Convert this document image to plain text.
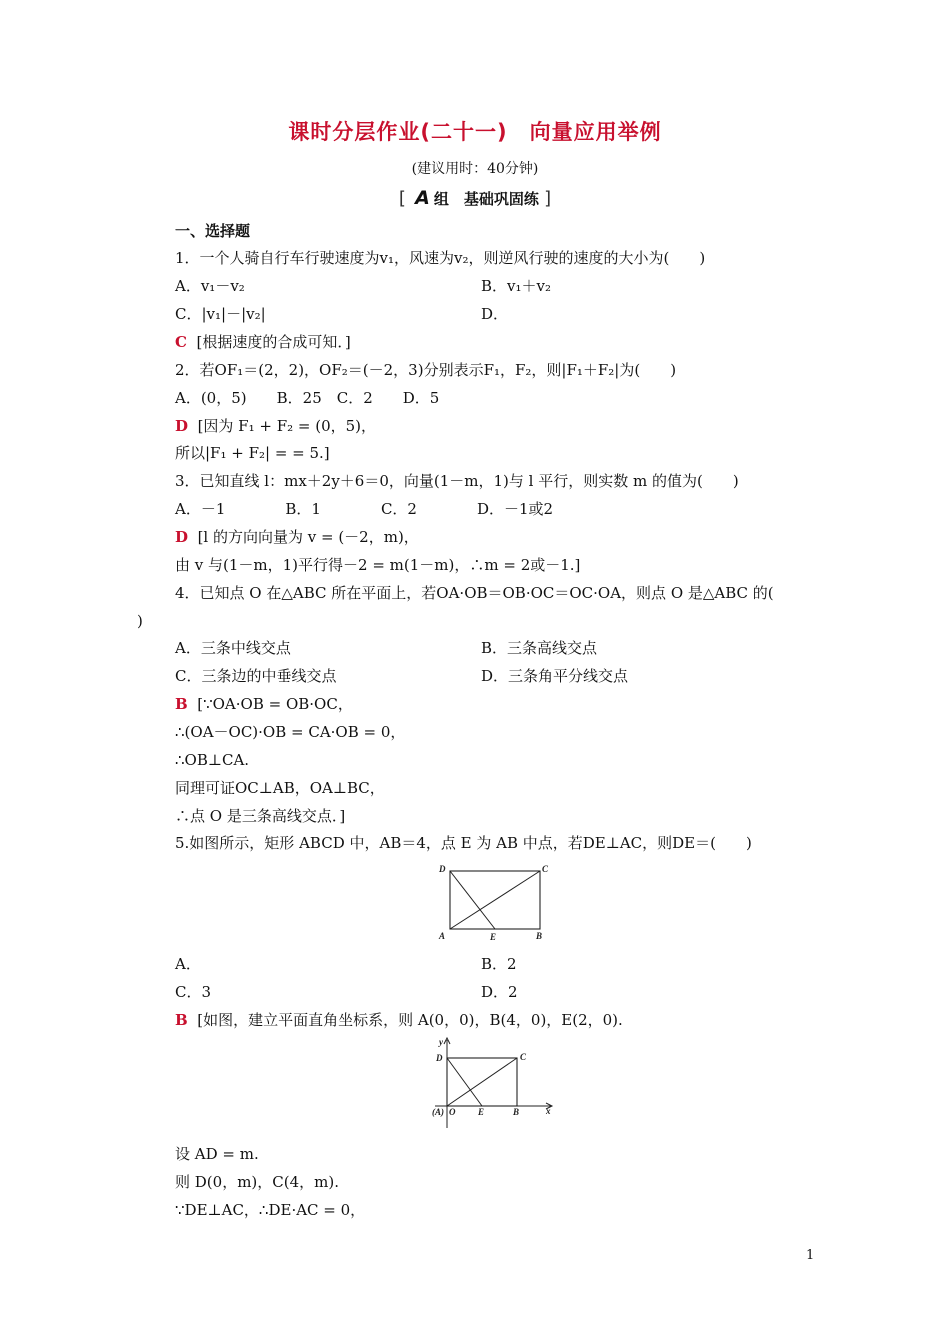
课时分层作业(二十一)　向量应用举例
(建议用时：40分钟)
[ A 组　基础巩固练 ]
一、选择题
1．一个人骑自行车行驶速度为v₁，风速为v₂，则逆风行驶的速度的大小为(　　)
A．v₁－v₂	B．v₁＋v₂
C．|v₁|－|v₂|	D．
C [根据速度的合成可知．]
2．若OF₁＝(2，2)，OF₂＝(－2，3)分别表示F₁，F₂，则|F₁＋F₂|为(　　)
A．(0，5)　　B．25　C．2　　D．5
D [因为 F₁ + F₂ = (0，5)，
所以|F₁ + F₂| = = 5.]
3．已知直线 l：mx＋2y＋6＝0，向量(1－m，1)与 l 平行，则实数 m 的值为(　　)
A．－1　　　　B．1　　　　C．2　　　　D．－1或2
D [l 的方向向量为 v = (－2，m)，
由 v 与(1－m，1)平行得－2 = m(1－m)，∴m = 2或－1.]
4．已知点 O 在△ABC 所在平面上，若OA·OB＝OB·OC＝OC·OA，则点 O 是△ABC 的(
)
A．三条中线交点	B．三条高线交点
C．三条边的中垂线交点	D．三条角平分线交点
B [∵OA·OB = OB·OC，
∴(OA－OC)·OB = CA·OB = 0，
∴OB⊥CA.
同理可证OC⊥AB，OA⊥BC，
∴点 O 是三条高线交点．]
5.如图所示，矩形 ABCD 中，AB＝4，点 E 为 AB 中点，若DE⊥AC，则DE＝(　　)
D	C
A	E	B
A．	B．2
C．3	D．2
B [如图，建立平面直角坐标系，则 A(0，0)，B(4，0)，E(2，0).
y
D	C
(A) O	E	B	x
设 AD = m.
则 D(0，m)，C(4，m).
∵DE⊥AC，∴DE·AC = 0，
1
